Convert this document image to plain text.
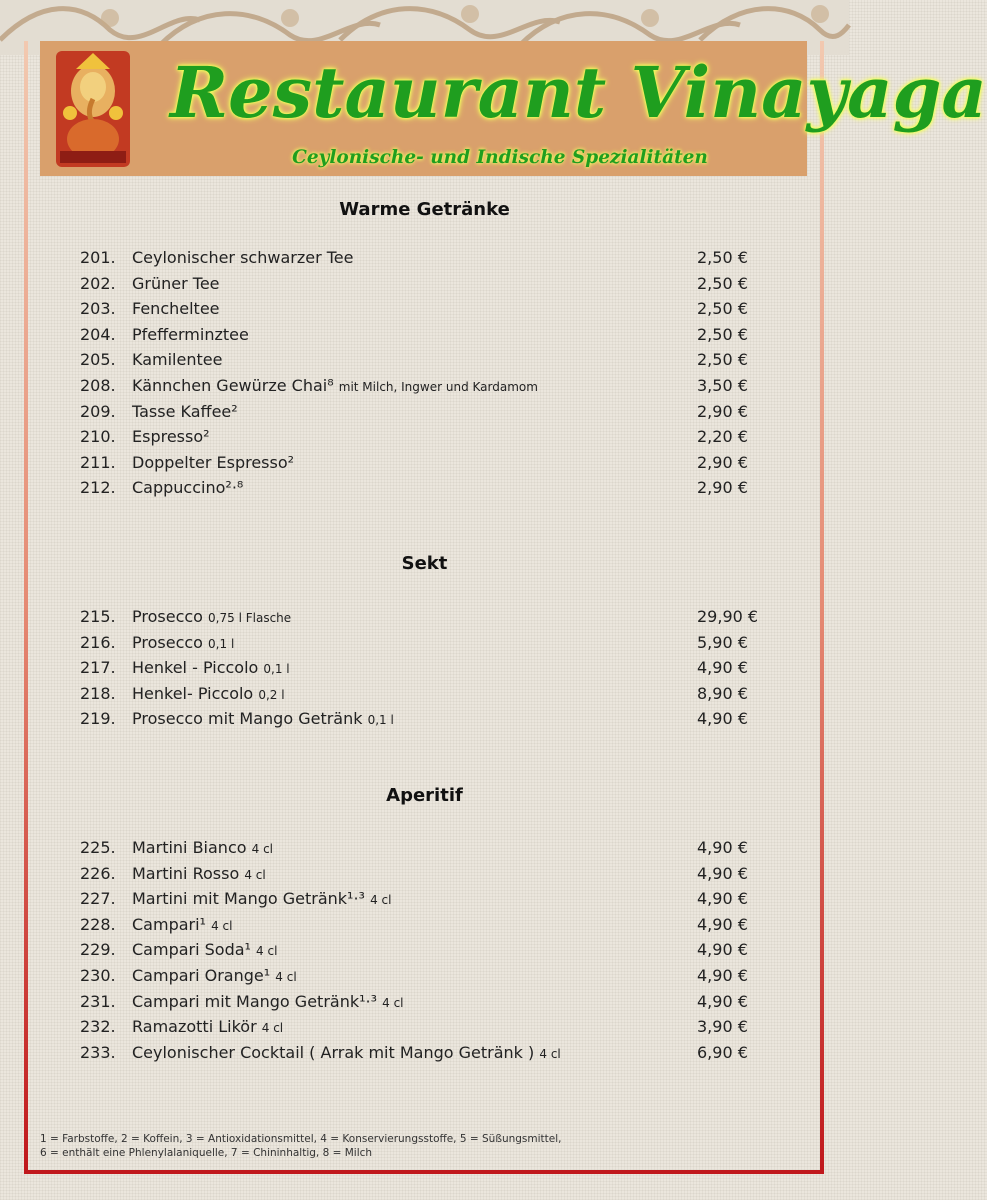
Restaurant Vinayaga
Ceylonische- und Indische Spezialitäten
Warme Getränke
201. Ceylonischer schwarzer Tee	2,50 €
202. Grüner Tee	2,50 €
203. Fencheltee	2,50 €
204. Pfefferminztee	2,50 €
205. Kamilentee	2,50 €
208. Kännchen Gewürze Chai⁸ mit Milch, Ingwer und Kardamom	3,50 €
209. Tasse Kaffee²	2,90 €
210. Espresso²	2,20 €
211. Doppelter Espresso²	2,90 €
212. Cappuccino²·⁸	2,90 €
Sekt
215. Prosecco 0,75 l Flasche	29,90 €
216. Prosecco 0,1 l	5,90 €
217. Henkel - Piccolo 0,1 l	4,90 €
218. Henkel- Piccolo 0,2 l	8,90 €
219. Prosecco mit Mango Getränk 0,1 l	4,90 €
Aperitif
225. Martini Bianco 4 cl	4,90 €
226. Martini Rosso 4 cl	4,90 €
227. Martini mit Mango Getränk¹·³ 4 cl	4,90 €
228. Campari¹ 4 cl	4,90 €
229. Campari Soda¹ 4 cl	4,90 €
230. Campari Orange¹ 4 cl	4,90 €
231. Campari mit Mango Getränk¹·³ 4 cl	4,90 €
232. Ramazotti Likör 4 cl	3,90 €
233. Ceylonischer Cocktail ( Arrak mit Mango Getränk ) 4 cl	6,90 €
1 = Farbstoffe, 2 = Koffein, 3 = Antioxidationsmittel, 4 = Konservierungsstoffe, 5 = Süßungsmittel,
6 = enthält eine Phlenylalaniquelle, 7 = Chininhaltig, 8 = Milch
